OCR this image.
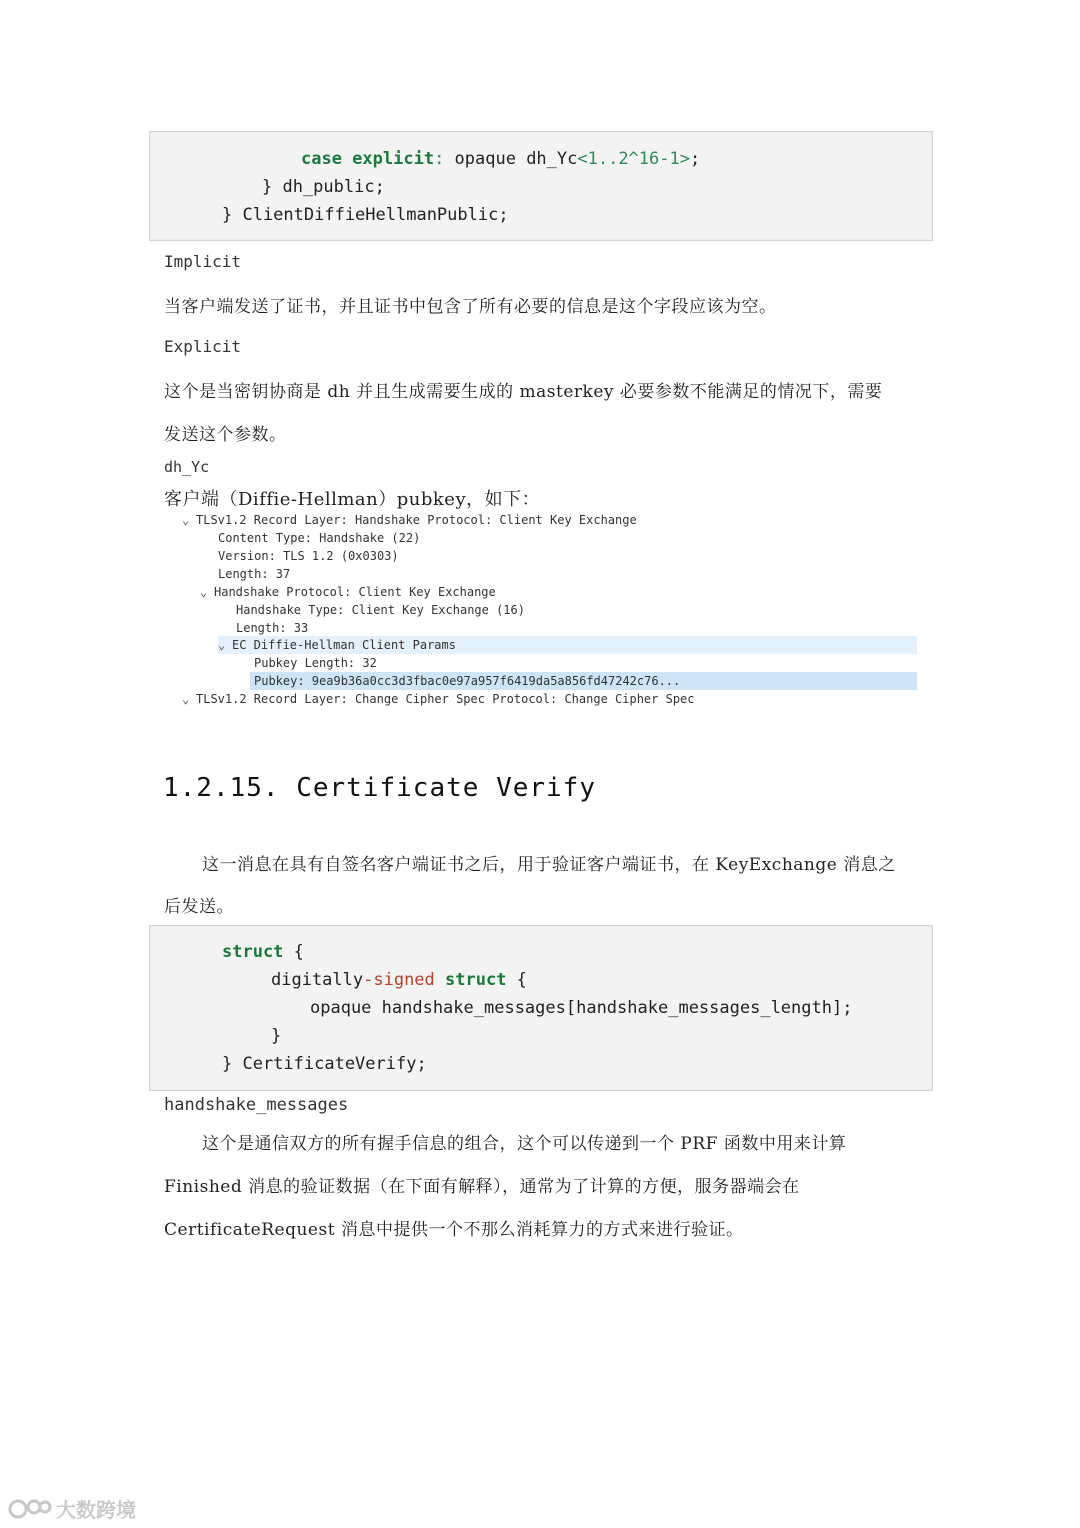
case explicit: opaque dh_Yc<1..2^16-1>;
} dh_public;
} ClientDiffieHellmanPublic;
Implicit
当客户端发送了证书，并且证书中包含了所有必要的信息是这个字段应该为空。
Explicit
这个是当密钥协商是 dh 并且生成需要生成的 masterkey 必要参数不能满足的情况下，需要
发送这个参数。
dh_Yc
客户端（Diffie-Hellman）pubkey，如下：

⌄ TLSv1.2 Record Layer: Handshake Protocol: Client Key Exchange

Content Type: Handshake (22)

Version: TLS 1.2 (0x0303)

Length: 37

⌄ Handshake Protocol: Client Key Exchange

Handshake Type: Client Key Exchange (16)

Length: 33

⌄ EC Diffie-Hellman Client Params

Pubkey Length: 32

Pubkey: 9ea9b36a0cc3d3fbac0e97a957f6419da5a856fd47242c76...

⌄ TLSv1.2 Record Layer: Change Cipher Spec Protocol: Change Cipher Spec

1.2.15. Certificate Verify
这一消息在具有自签名客户端证书之后，用于验证客户端证书，在 KeyExchange 消息之
后发送。
struct {
digitally-signed struct {
opaque handshake_messages[handshake_messages_length];
}
} CertificateVerify;
handshake_messages
这个是通信双方的所有握手信息的组合，这个可以传递到一个 PRF 函数中用来计算
Finished 消息的验证数据（在下面有解释），通常为了计算的方便，服务器端会在
CertificateRequest 消息中提供一个不那么消耗算力的方式来进行验证。
大数跨境
